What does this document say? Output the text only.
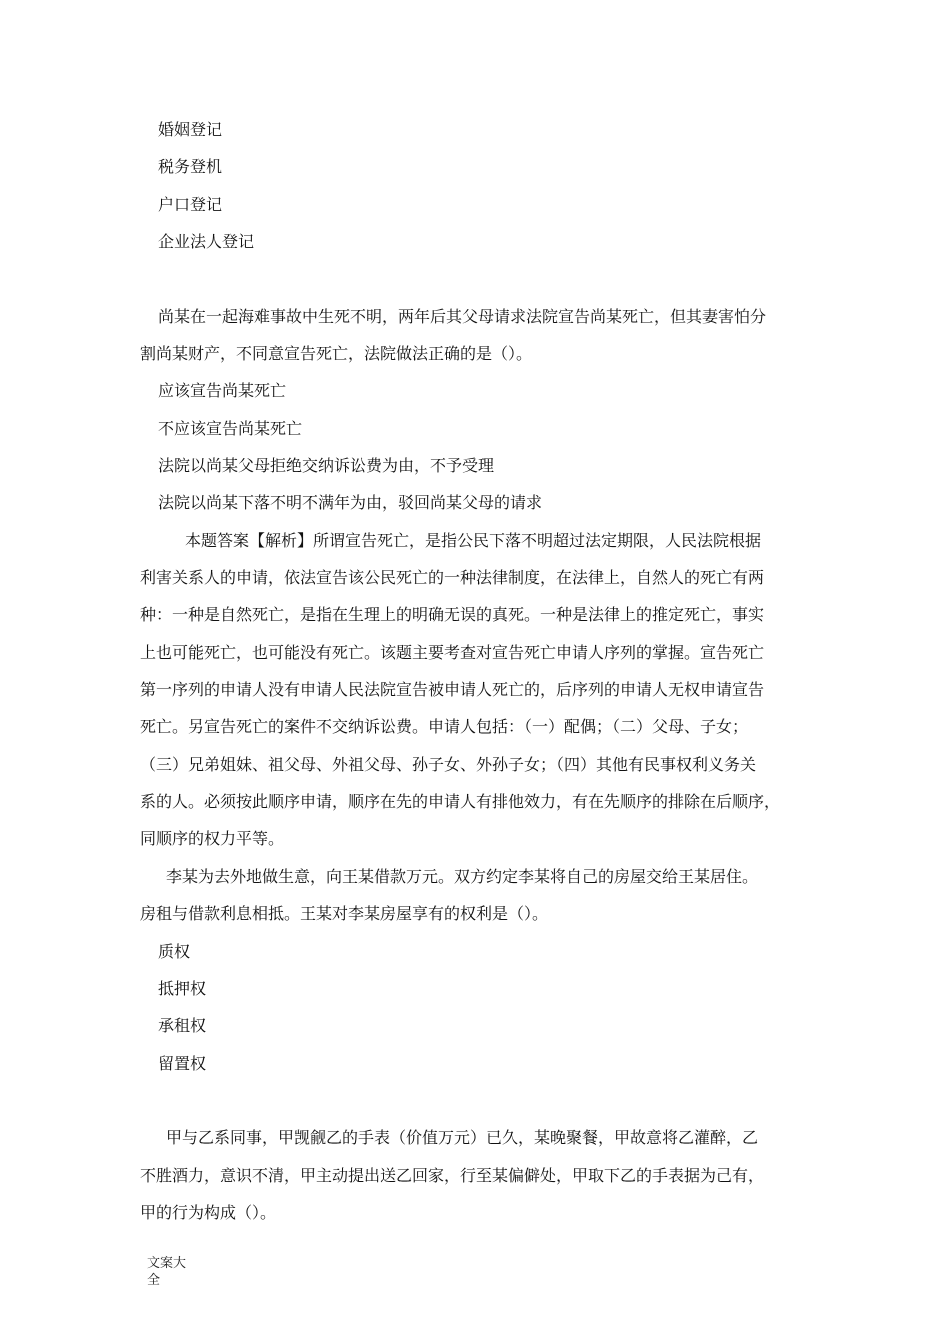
婚姻登记

税务登机

户口登记

企业法人登记

尚某在一起海难事故中生死不明，两年后其父母请求法院宣告尚某死亡，但其妻害怕分

割尚某财产，不同意宣告死亡，法院做法正确的是（）。

应该宣告尚某死亡

不应该宣告尚某死亡

法院以尚某父母拒绝交纳诉讼费为由，不予受理

法院以尚某下落不明不满年为由，驳回尚某父母的请求

本题答案【解析】所谓宣告死亡，是指公民下落不明超过法定期限，人民法院根据

利害关系人的申请，依法宣告该公民死亡的一种法律制度，在法律上，自然人的死亡有两

种：一种是自然死亡，是指在生理上的明确无误的真死。一种是法律上的推定死亡，事实

上也可能死亡，也可能没有死亡。该题主要考查对宣告死亡申请人序列的掌握。宣告死亡

第一序列的申请人没有申请人民法院宣告被申请人死亡的，后序列的申请人无权申请宣告

死亡。另宣告死亡的案件不交纳诉讼费。申请人包括：（一）配偶；（二）父母、子女；

（三）兄弟姐妹、祖父母、外祖父母、孙子女、外孙子女；（四）其他有民事权利义务关

系的人。必须按此顺序申请，顺序在先的申请人有排他效力，有在先顺序的排除在后顺序，

同顺序的权力平等。

李某为去外地做生意，向王某借款万元。双方约定李某将自己的房屋交给王某居住。

房租与借款利息相抵。王某对李某房屋享有的权利是（）。

质权

抵押权

承租权

留置权

甲与乙系同事，甲觊觎乙的手表（价值万元）已久，某晚聚餐，甲故意将乙灌醉，乙

不胜酒力，意识不清，甲主动提出送乙回家，行至某偏僻处，甲取下乙的手表据为己有，

甲的行为构成（）。

文案大全
